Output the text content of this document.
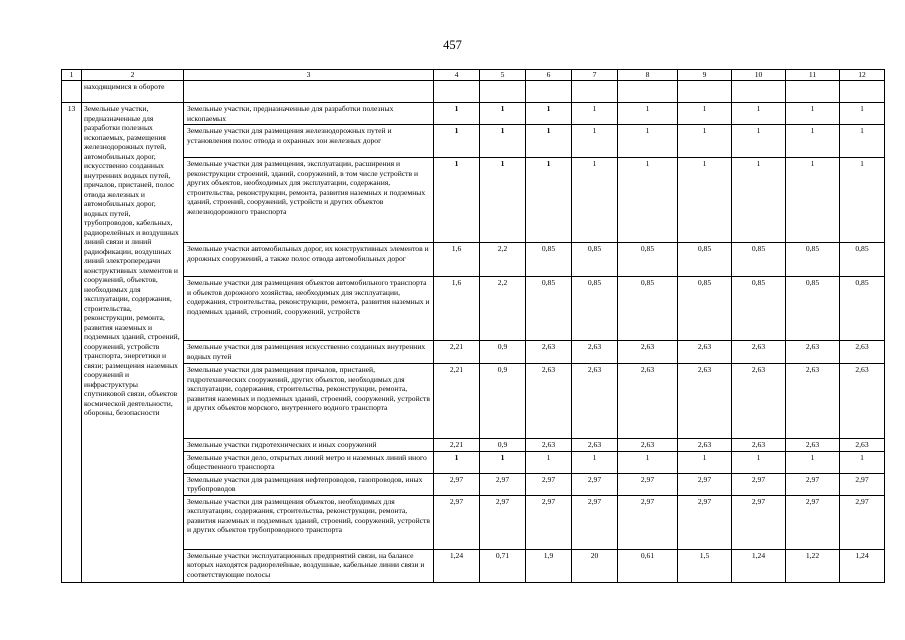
457
1	2	3	4	5	6	7	8	9	10	11	12
	находящимися в обороте										
13	Земельные участки, предназначенные для разработки полезных ископаемых, размещения железнодорожных путей, автомобильных дорог, искусственно созданных внутренних водных путей, причалов, пристаней, полос отвода железных и автомобильных дорог, водных путей, трубопроводов, кабельных, радиорелейных и воздушных линий связи и линий радиофикации, воздушных линий электропередачи конструктивных элементов и сооружений, объектов, необходимых для эксплуатации, содержания, строительства, реконструкции, ремонта, развития наземных и подземных зданий, строений, сооружений, устройств транспорта, энергетики и связи; размещения наземных сооружений и инфраструктуры спутниковой связи, объектов космической деятельности, обороны, безопасности	Земельные участки, предназначенные для разработки полезных ископаемых	1	1	1	1	1	1	1	1	1
		Земельные участки для размещения железнодорожных путей и установления полос отвода и охранных зон железных дорог	1	1	1	1	1	1	1	1	1
		Земельные участки для размещения, эксплуатации, расширения и реконструкции строений, зданий, сооружений, в том числе устройств и других объектов, необходимых для эксплуатации, содержания, строительства, реконструкции, ремонта, развития наземных и подземных зданий, строений, сооружений, устройств и других объектов железнодорожного транспорта	1	1	1	1	1	1	1	1	1
		Земельные участки автомобильных дорог, их конструктивных элементов и дорожных сооружений, а также полос отвода автомобильных дорог	1,6	2,2	0,85	0,85	0,85	0,85	0,85	0,85	0,85
		Земельные участки для размещения объектов автомобильного транспорта и объектов дорожного хозяйства, необходимых для эксплуатации, содержания, строительства, реконструкции, ремонта, развития наземных и подземных зданий, строений, сооружений, устройств	1,6	2,2	0,85	0,85	0,85	0,85	0,85	0,85	0,85
		Земельные участки для размещения искусственно созданных внутренних водных путей	2,21	0,9	2,63	2,63	2,63	2,63	2,63	2,63	2,63
		Земельные участки для размещения причалов, пристаней, гидротехнических сооружений, других объектов, необходимых для эксплуатации, содержания, строительства, реконструкции, ремонта, развития наземных и подземных зданий, строений, сооружений, устройств и других объектов морского, внутреннего водного транспорта	2,21	0,9	2,63	2,63	2,63	2,63	2,63	2,63	2,63
		Земельные участки гидротехнических и иных сооружений	2,21	0,9	2,63	2,63	2,63	2,63	2,63	2,63	2,63
		Земельные участки дело, открытых линий метро и наземных линий иного общественного транспорта	1	1	1	1	1	1	1	1	1
		Земельные участки для размещения нефтепроводов, газопроводов, иных трубопроводов	2,97	2,97	2,97	2,97	2,97	2,97	2,97	2,97	2,97
		Земельные участки для размещения объектов, необходимых для эксплуатации, содержания, строительства, реконструкции, ремонта, развития наземных и подземных зданий, строений, сооружений, устройств и других объектов трубопроводного транспорта	2,97	2,97	2,97	2,97	2,97	2,97	2,97	2,97	2,97
		Земельные участки эксплуатационных предприятий связи, на балансе которых находятся радиорелейные, воздушные, кабельные линии связи и соответствующие полосы	1,24	0,71	1,9	20	0,61	1,5	1,24	1,22	1,24
